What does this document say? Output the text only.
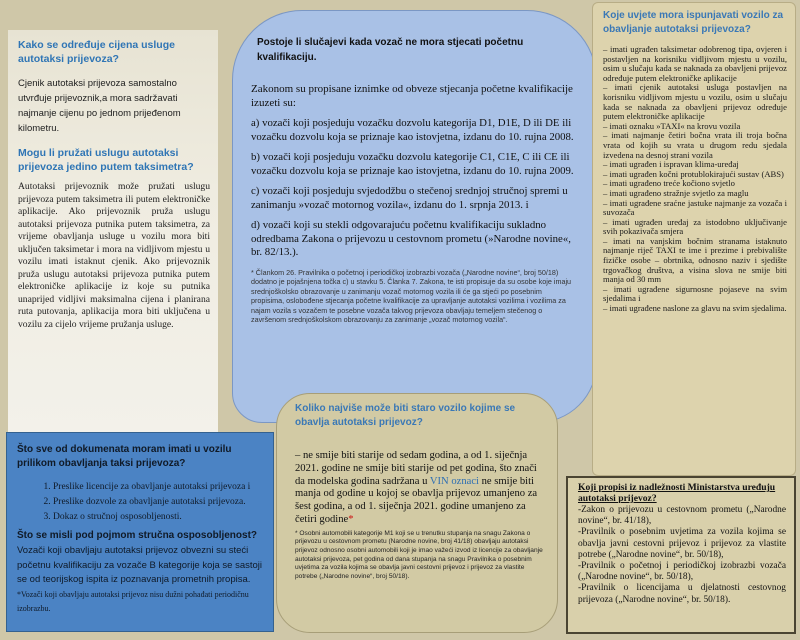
Kako se određuje cijena usluge autotaksi prijevoza?

Cjenik autotaksi prijevoza samostalno utvrđuje prijevoznik,a mora sadržavati najmanje cijenu po jednom prijeđenom kilometru.

Mogu li pružati uslugu autotaksi prijevoza jedino putem taksimetra?

Autotaksi prijevoznik može pružati uslugu prijevoza putem taksimetra ili putem elektroničke aplikacije. Ako prijevoznik pruža uslugu autotaksi prijevoza putnika putem taksimetra, za vrijeme obavljanja usluge u vozilu mora biti uključen taksimetar i mora na vidljivom mjestu u vozilu imati istaknut cjenik. Ako prijevoznik pruža uslugu autotaksi prijevoza putnika putem elektroničke aplikacije iz koje su putnika unaprijed vidljivi maksimalna cijena i planirana ruta putovanja, aplikacija mora biti uključena u vozilu za cijelo vrijeme pružanja usluge.

Što sve od dokumenata moram imati u vozilu prilikom obavljanja taksi prijevoza?

1. Preslike licencije za obavljanje autotaksi prijevoza i
2. Preslike dozvole za obavljanje autotaksi prijevoza.
3. Dokaz o stručnoj osposobljenosti.

Što se misli pod pojmom stručna osposobljenost?

Vozači koji obavljaju autotaksi prijevoz obvezni su steći početnu kvalifikaciju za vozače B kategorije koja se sastoji se od teorijskog ispita iz poznavanja prometnih propisa. *Vozači koji obavljaju autotaksi prijevoz nisu dužni pohađati periodičnu izobrazbu.

Postoje li slučajevi kada vozač ne mora stjecati početnu kvalifikaciju.

Zakonom su propisane iznimke od obveze stjecanja početne kvalifikacije izuzeti su:

a) vozači koji posjeduju vozačku dozvolu kategorija D1, D1E, D ili DE ili vozačku dozvolu koja se priznaje kao istovjetna, izdanu do 10. rujna 2008.

b) vozači koji posjeduju vozačku dozvolu kategorije C1, C1E, C ili CE ili vozačku dozvolu koja se priznaje kao istovjetna, izdanu do 10. rujna 2009.

c) vozači koji posjeduju svjedodžbu o stečenoj srednjoj stručnoj spremi u zanimanju »vozač motornog vozila«, izdanu do 1. srpnja 2013. i

d) vozači koji su stekli odgovarajuću početnu kvalifikaciju sukladno odredbama Zakona o prijevozu u cestovnom prometu (»Narodne novine«, br. 82/13.).

* Člankom 26. Pravilnika o početnoj i periodičkoj izobrazbi vozača („Narodne novine“, broj 50/18) dodatno je pojašnjena točka c) u stavku 5. Članka 7. Zakona, te isti propisuje da su osobe koje imaju srednjoškolsko obrazovanje u zanimanju vozač motornog vozila ili će ga stjeći po posebnim propisima, oslobođene stjecanja početne kvalifikacije za upravljanje autotaksi vozilima i vozilima za najam vozila s vozačem te posebne vozača takvog prijevoza obavljaju temeljem stečenog o završenom srednjoškolskom obrazovanju za zanimanje „vozač motornog vozila“.

Koje uvjete mora ispunjavati vozilo za obavljanje autotaksi prijevoza?

– imati ugrađen taksimetar odobrenog tipa, ovjeren i postavljen na korisniku vidljivom mjestu u vozilu, osim u slučaju kada se naknada za obavljeni prijevoz određuje putem elektroničke aplikacije

– imati cjenik autotaksi usluga postavljen na korisniku vidljivom mjestu u vozilu, osim u slučaju kada se naknada za obavljeni prijevoz određuje putem elektroničke aplikacije

– imati oznaku »TAXI« na krovu vozila

– imati najmanje četiri bočna vrata ili troja bočna vrata od kojih su vrata u drugom redu sjedala izvedena na desnoj strani vozila

– imati ugrađen i ispravan klima-uređaj

– imati ugrađen kočni protublokirajući sustav (ABS)

– imati ugrađeno treće kočiono svjetlo

– imati ugrađeno stražnje svjetlo za maglu

– imati ugrađene sraćne jastuke najmanje za vozača i suvozača

– imati ugrađen uređaj za istodobno uključivanje svih pokazivača smjera

– imati na vanjskim bočnim stranama istaknuto najmanje riječ TAXI te ime i prezime i prebivalište fizičke osobe – obrtnika, odnosno naziv i sjedište trgovačkog društva, a visina slova ne smije biti manja od 30 mm

– imati ugrađene sigurnosne pojaseve na svim sjedalima i

– imati ugrađene naslone za glavu na svim sjedalima.

Koliko najviše može biti staro vozilo kojime se obavlja autotaksi prijevoz?

– ne smije biti starije od sedam godina, a od 1. siječnja 2021. godine ne smije biti starije od pet godina, što znači da modelska godina sadržana u VIN oznaci ne smije biti manja od godine u kojoj se obavlja prijevoz umanjeno za šest godina, a od 1. siječnja 2021. godine umanjeno za četiri godine*

* Osobni automobili kategorije M1 koji se u trenutku stupanja na snagu Zakona o prijevozu u cestovnom prometu (Narodne novine, broj 41/18) obavljaju autotaksi prijevoz odnosno osobni automobili koji je imao važeći izvod iz licencije za obavljanje autotaksi prijevoza, pet godina od dana stupanja na snagu Pravilnika o posebnim uvjetima za vozila kojima se obavlja javni cestovni prijevoz i prijevoz za vlastite potrebe („Narodne novine“, broj 50/18).

Koji propisi iz nadležnosti Ministarstva uređuju autotaksi prijevoz?

-Zakon o prijevozu u cestovnom prometu („Narodne novine“, br. 41/18),

-Pravilnik o posebnim uvjetima za vozila kojima se obavlja javni cestovni prijevoz i prijevoz za vlastite potrebe („Narodne novine“, br. 50/18),

-Pravilnik o početnoj i periodičkoj izobrazbi vozača („Narodne novine“, br. 50/18),

-Pravilnik o licencijama u djelatnosti cestovnog prijevoza („Narodne novine“, br. 50/18).
